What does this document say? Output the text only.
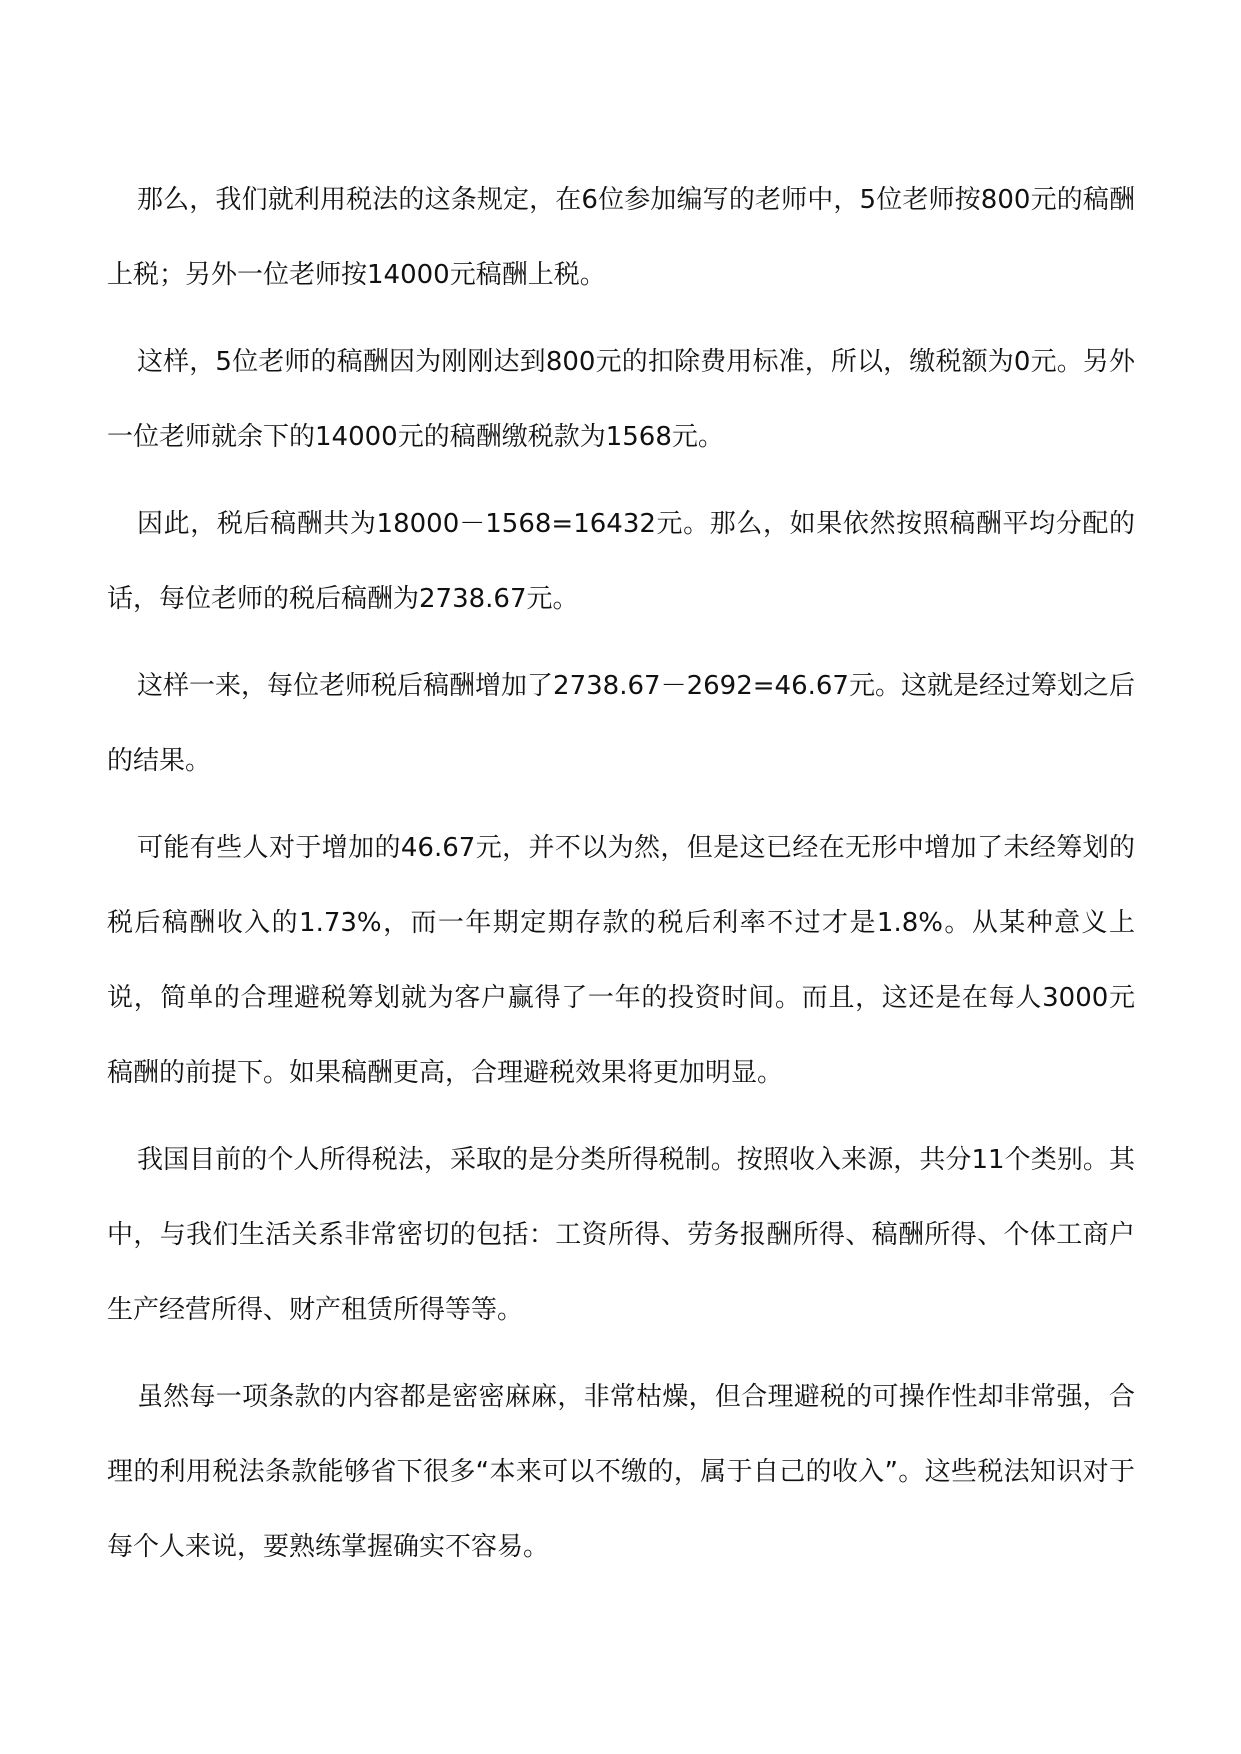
那么，我们就利用税法的这条规定，在6位参加编写的老师中，5位老师按800元的稿酬上税；另外一位老师按14000元稿酬上税。

这样，5位老师的稿酬因为刚刚达到800元的扣除费用标准，所以，缴税额为0元。另外一位老师就余下的14000元的稿酬缴税款为1568元。

因此，税后稿酬共为18000－1568=16432元。那么，如果依然按照稿酬平均分配的话，每位老师的税后稿酬为2738.67元。

这样一来，每位老师税后稿酬增加了2738.67－2692=46.67元。这就是经过筹划之后的结果。

可能有些人对于增加的46.67元，并不以为然，但是这已经在无形中增加了未经筹划的税后稿酬收入的1.73%，而一年期定期存款的税后利率不过才是1.8%。从某种意义上说，简单的合理避税筹划就为客户赢得了一年的投资时间。而且，这还是在每人3000元稿酬的前提下。如果稿酬更高，合理避税效果将更加明显。

我国目前的个人所得税法，采取的是分类所得税制。按照收入来源，共分11个类别。其中，与我们生活关系非常密切的包括：工资所得、劳务报酬所得、稿酬所得、个体工商户生产经营所得、财产租赁所得等等。

虽然每一项条款的内容都是密密麻麻，非常枯燥，但合理避税的可操作性却非常强，合理的利用税法条款能够省下很多“本来可以不缴的，属于自己的收入”。这些税法知识对于每个人来说，要熟练掌握确实不容易。
